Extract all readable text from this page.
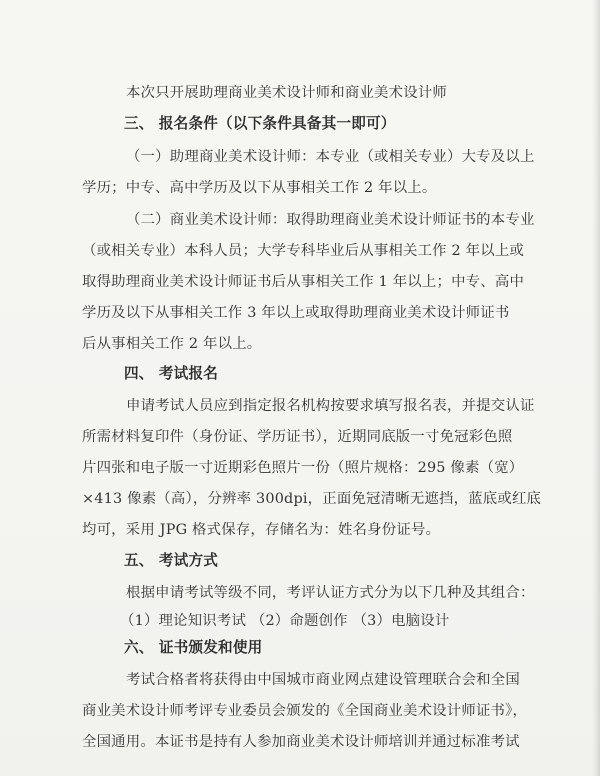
本次只开展助理商业美术设计师和商业美术设计师
三、 报名条件（以下条件具备其一即可）
（一）助理商业美术设计师：本专业（或相关专业）大专及以上
学历；中专、高中学历及以下从事相关工作 2 年以上。
（二）商业美术设计师：取得助理商业美术设计师证书的本专业
（或相关专业）本科人员；大学专科毕业后从事相关工作 2 年以上或
取得助理商业美术设计师证书后从事相关工作 1 年以上；中专、高中
学历及以下从事相关工作 3 年以上或取得助理商业美术设计师证书
后从事相关工作 2 年以上。
四、 考试报名
申请考试人员应到指定报名机构按要求填写报名表，并提交认证
所需材料复印件（身份证、学历证书），近期同底版一寸免冠彩色照
片四张和电子版一寸近期彩色照片一份（照片规格：295 像素（宽）
×413 像素（高），分辨率 300dpi，正面免冠清晰无遮挡，蓝底或红底
均可，采用 JPG 格式保存，存储名为：姓名身份证号。
五、 考试方式
根据申请考试等级不同，考评认证方式分为以下几种及其组合：
（1）理论知识考试 （2）命题创作 （3）电脑设计
六、 证书颁发和使用
考试合格者将获得由中国城市商业网点建设管理联合会和全国
商业美术设计师考评专业委员会颁发的《全国商业美术设计师证书》，
全国通用。本证书是持有人参加商业美术设计师培训并通过标准考试
